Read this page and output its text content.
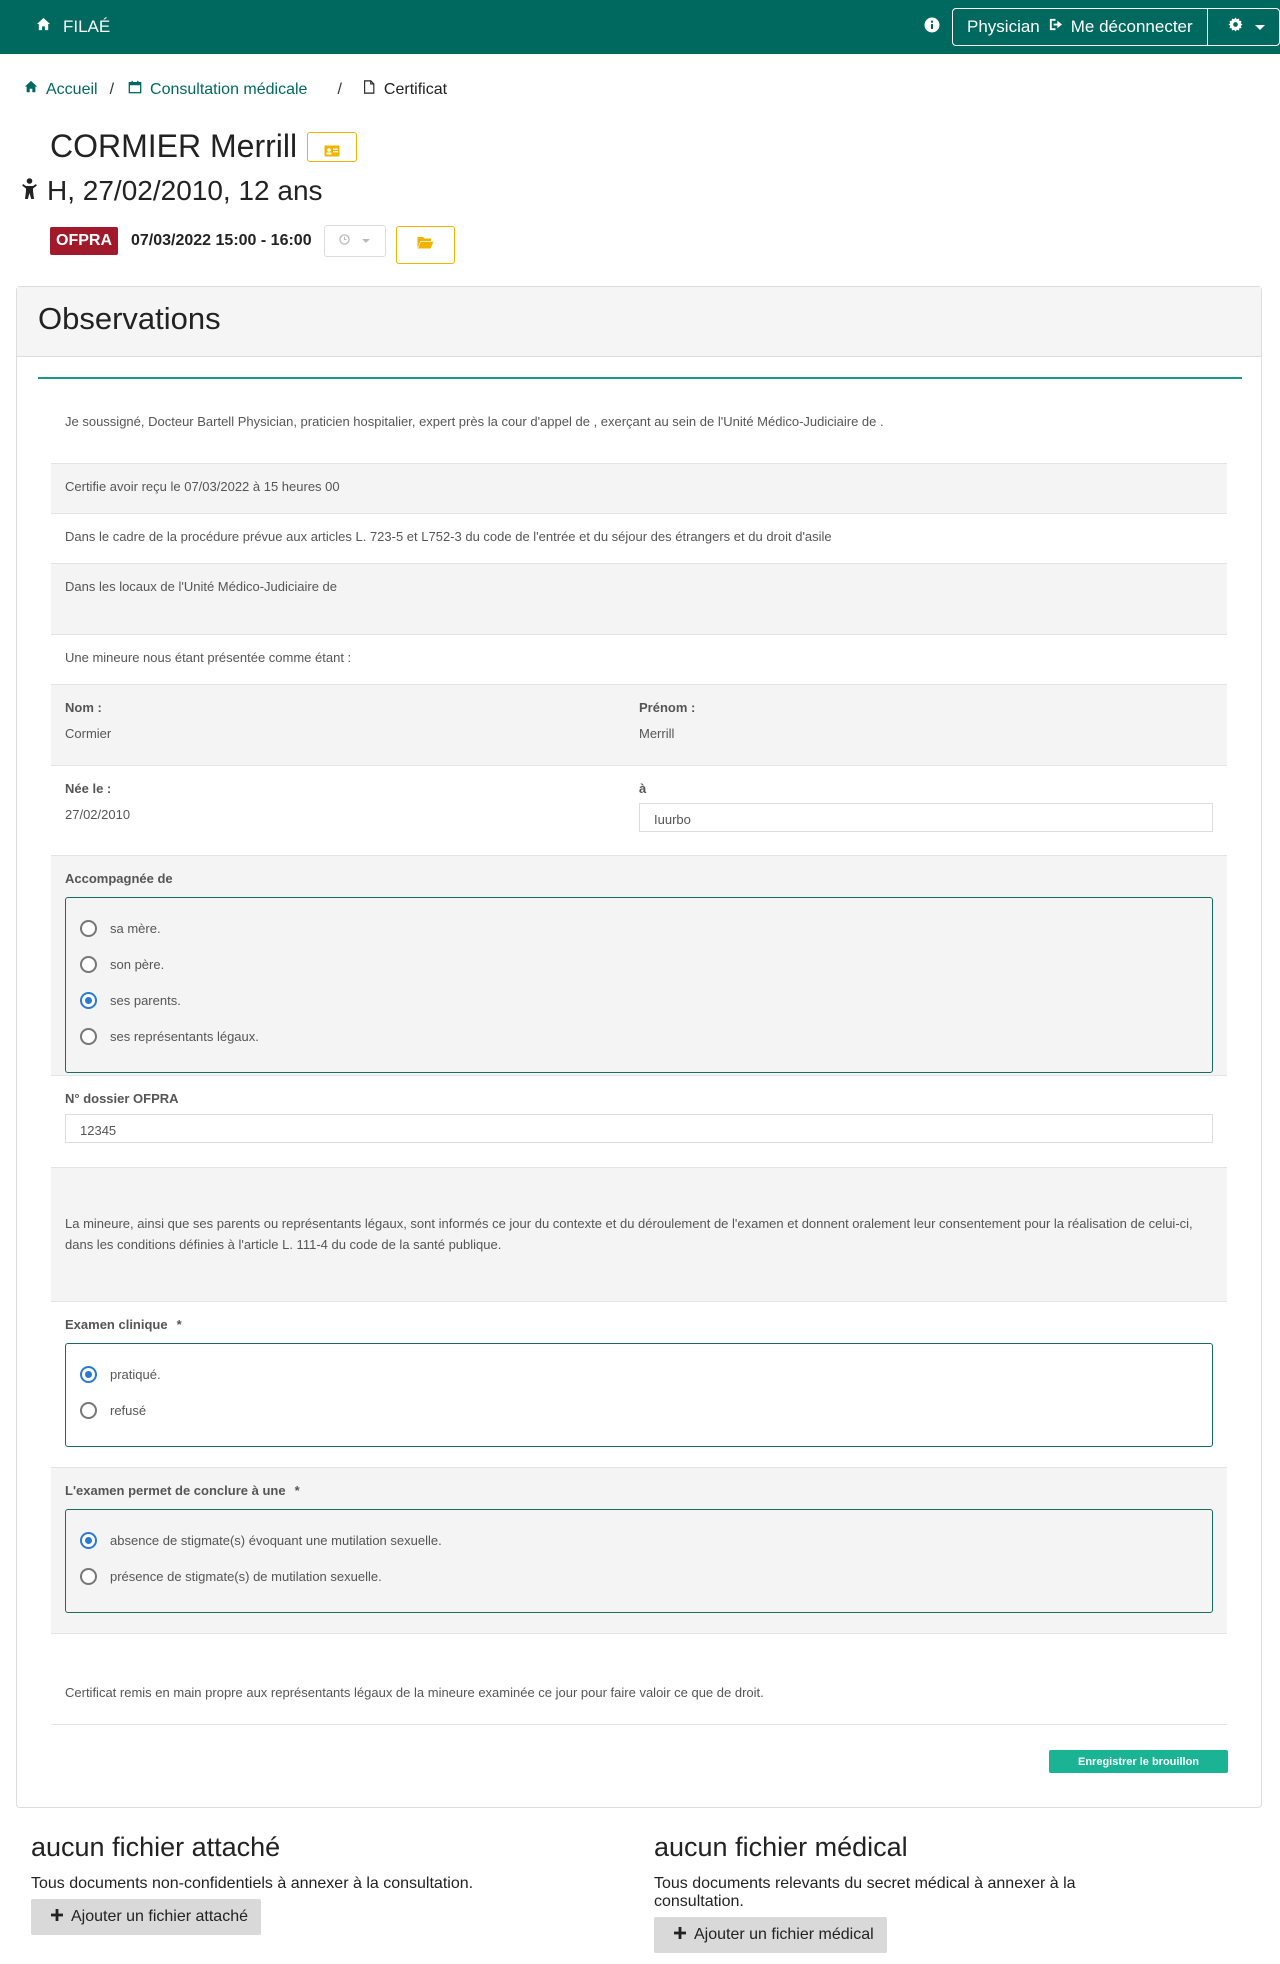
FILAÉ	Physician Me déconnecter
Accueil / Consultation médicale /	Certificat
CORMIER Merrill
H, 27/02/2010, 12 ans
OFPRA	07/03/2022 15:00 - 16:00
Observations
Je soussigné, Docteur Bartell Physician, praticien hospitalier, expert près la cour d'appel de , exerçant au sein de l'Unité Médico-Judiciaire de .
Certifie avoir reçu le 07/03/2022 à 15 heures 00
Dans le cadre de la procédure prévue aux articles L. 723-5 et L752-3 du code de l'entrée et du séjour des étrangers et du droit d'asile
Dans les locaux de l'Unité Médico-Judiciaire de
Une mineure nous étant présentée comme étant :
Nom :
Cormier
Prénom :
Merrill
Née le :
27/02/2010
à
Iuurbo
Accompagnée de
sa mère.
son père.
ses parents.
ses représentants légaux.
N° dossier OFPRA
12345
La mineure, ainsi que ses parents ou représentants légaux, sont informés ce jour du contexte et du déroulement de l'examen et donnent oralement leur consentement pour la réalisation de celui-ci, dans les conditions définies à l'article L. 111-4 du code de la santé publique.
Examen clinique *
pratiqué.
refusé
L'examen permet de conclure à une *
absence de stigmate(s) évoquant une mutilation sexuelle.
présence de stigmate(s) de mutilation sexuelle.
Certificat remis en main propre aux représentants légaux de la mineure examinée ce jour pour faire valoir ce que de droit.
Enregistrer le brouillon
aucun fichier attaché

Tous documents non-confidentiels à annexer à la consultation.

Ajouter un fichier attaché
aucun fichier médical

Tous documents relevants du secret médical à annexer à la consultation.

Ajouter un fichier médical
